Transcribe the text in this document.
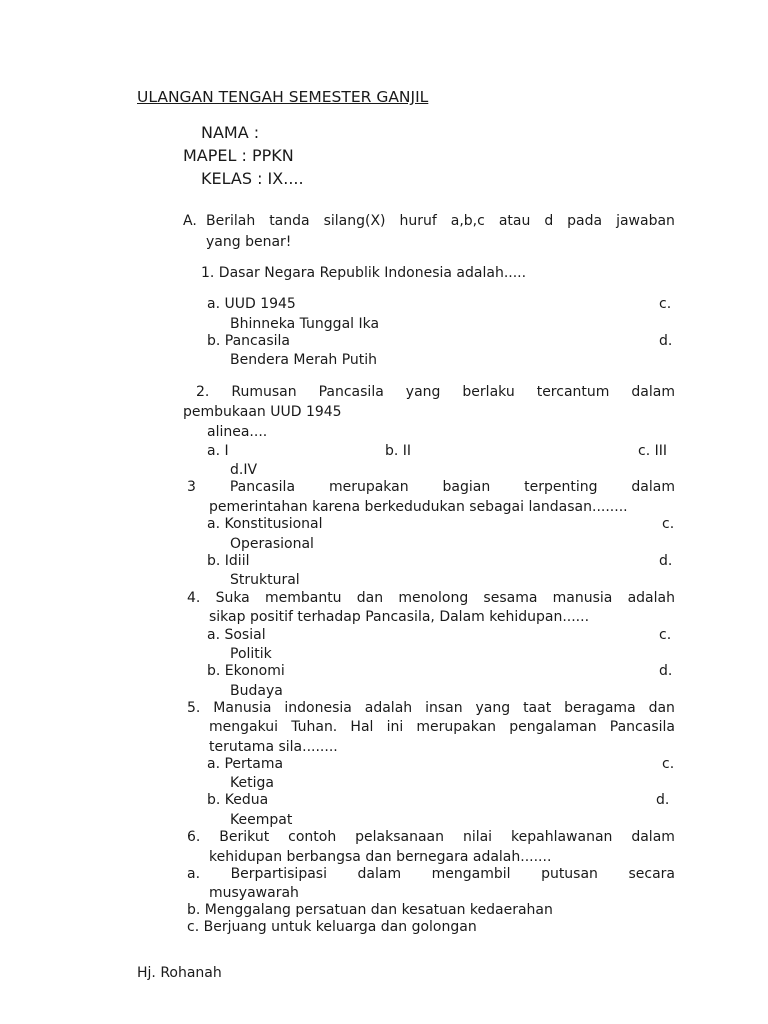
ULANGAN TENGAH SEMESTER GANJIL
NAMA :
MAPEL : PPKN
KELAS : IX....
A. Berilah tanda silang(X) huruf a,b,c atau d pada jawaban
yang benar!
1. Dasar Negara Republik Indonesia adalah.....
a. UUD 1945	c.
Bhinneka Tunggal Ika
b. Pancasila	d.
Bendera Merah Putih
2. Rumusan Pancasila yang berlaku tercantum dalam
pembukaan UUD 1945
alinea....
a. I	b. II	c. III
d.IV
3 Pancasila merupakan bagian terpenting dalam
pemerintahan karena berkedudukan sebagai landasan........
a. Konstitusional	c.
Operasional
b. Idiil	d.
Struktural
4. Suka membantu dan menolong sesama manusia adalah
sikap positif terhadap Pancasila, Dalam kehidupan......
a. Sosial	c.
Politik
b. Ekonomi	d.
Budaya
5. Manusia indonesia adalah insan yang taat beragama dan
mengakui Tuhan. Hal ini merupakan pengalaman Pancasila
terutama sila........
a. Pertama	c.
Ketiga
b. Kedua	d.
Keempat
6. Berikut contoh pelaksanaan nilai kepahlawanan dalam
kehidupan berbangsa dan bernegara adalah.......
a. Berpartisipasi dalam mengambil putusan secara
musyawarah
b. Menggalang persatuan dan kesatuan kedaerahan
c. Berjuang untuk keluarga dan golongan
Hj. Rohanah
